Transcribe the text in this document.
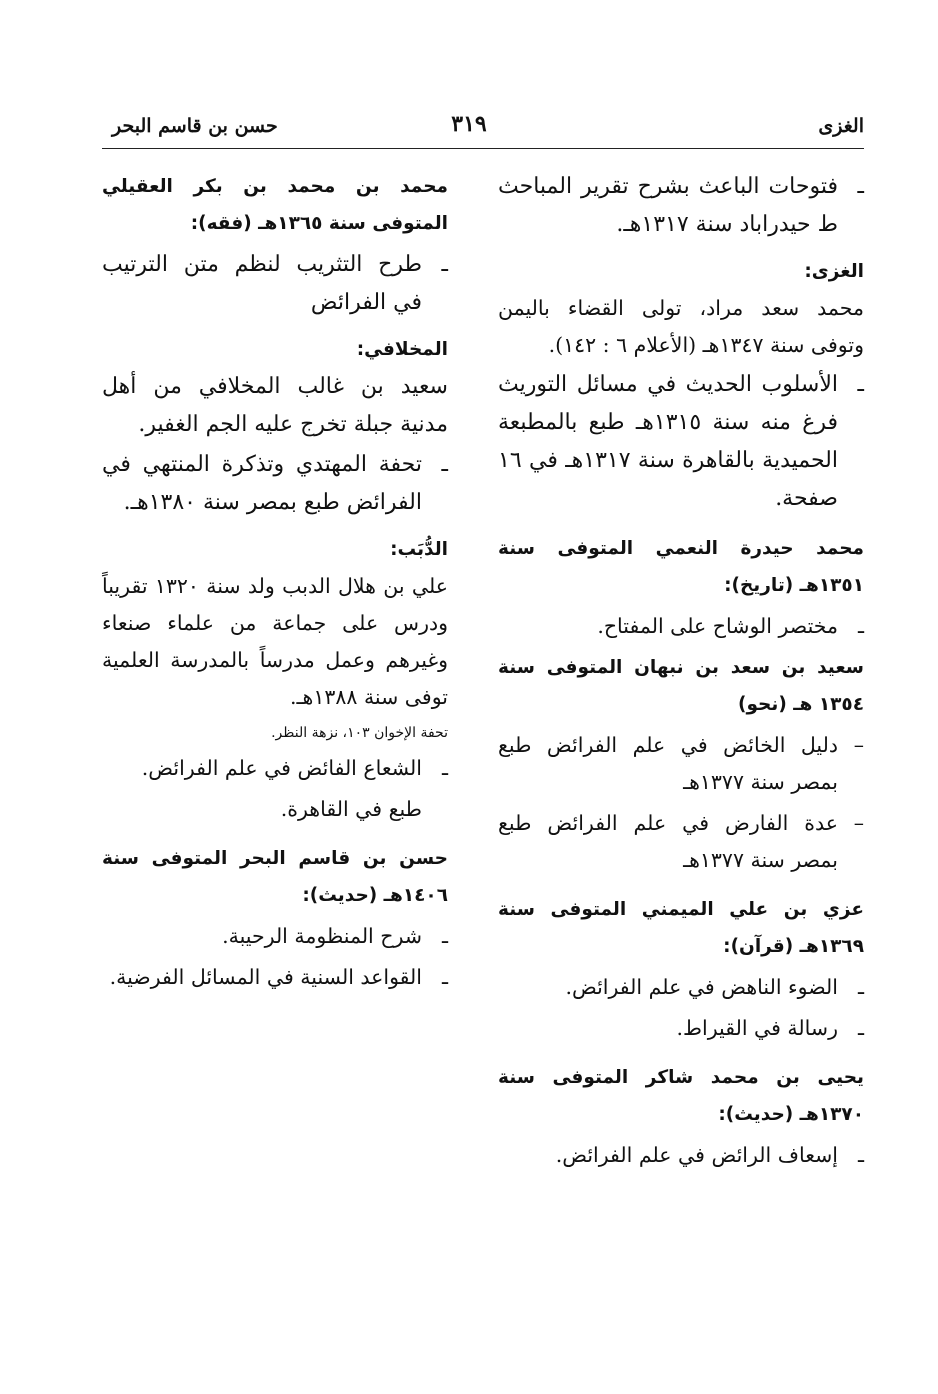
الغزى
٣١٩
حسن بن قاسم البحر

ـفتوحات الباعث بشرح تقرير المباحث ط حيدراباد سنة ١٣١٧هـ.

الغزى:

محمد سعد مراد، تولى القضاء باليمن وتوفى سنة ١٣٤٧هـ (الأعلام ٦ : ١٤٢).

ـالأسلوب الحديث في مسائل التوريث فرغ منه سنة ١٣١٥هـ طبع بالمطبعة الحميدية بالقاهرة سنة ١٣١٧هـ في ١٦ صفحة.

محمد حيدرة النعمي المتوفى سنة ١٣٥١هـ (تاريخ):

ـمختصر الوشاح على المفتاح.

سعيد بن سعد بن نبهان المتوفى سنة ١٣٥٤ هـ (نحو)

–دليل الخائض في علم الفرائض طبع بمصر سنة ١٣٧٧هـ

–عدة الفارض في علم الفرائض طبع بمصر سنة ١٣٧٧هـ

عزي بن علي الميمني المتوفى سنة ١٣٦٩هـ (قرآن):

ـالضوء الناهض في علم الفرائض.

ـرسالة في القيراط.

يحيى بن محمد شاكر المتوفى سنة ١٣٧٠هـ (حديث):

ـإسعاف الرائض في علم الفرائض.

محمد بن محمد بن بكر العقيلي المتوفى سنة ١٣٦٥هـ (فقه):

ـطرح التثريب لنظم متن الترتيب في الفرائض

المخلافي:

سعيد بن غالب المخلافي من أهل مدنية جبلة تخرج عليه الجم الغفير.

ـتحفة المهتدي وتذكرة المنتهي في الفرائض طبع بمصر سنة ١٣٨٠هـ.

الدُّبَب:

علي بن هلال الدبب ولد سنة ١٣٢٠ تقريباً ودرس على جماعة من علماء صنعاء وغيرهم وعمل مدرساً بالمدرسة العلمية توفى سنة ١٣٨٨هـ.

تحفة الإخوان ١٠٣، نزهة النظر.

ـالشعاع الفائض في علم الفرائض.

طبع في القاهرة.

حسن بن قاسم البحر المتوفى سنة ١٤٠٦هـ (حديث):

ـشرح المنظومة الرحيبة.

ـالقواعد السنية في المسائل الفرضية.
